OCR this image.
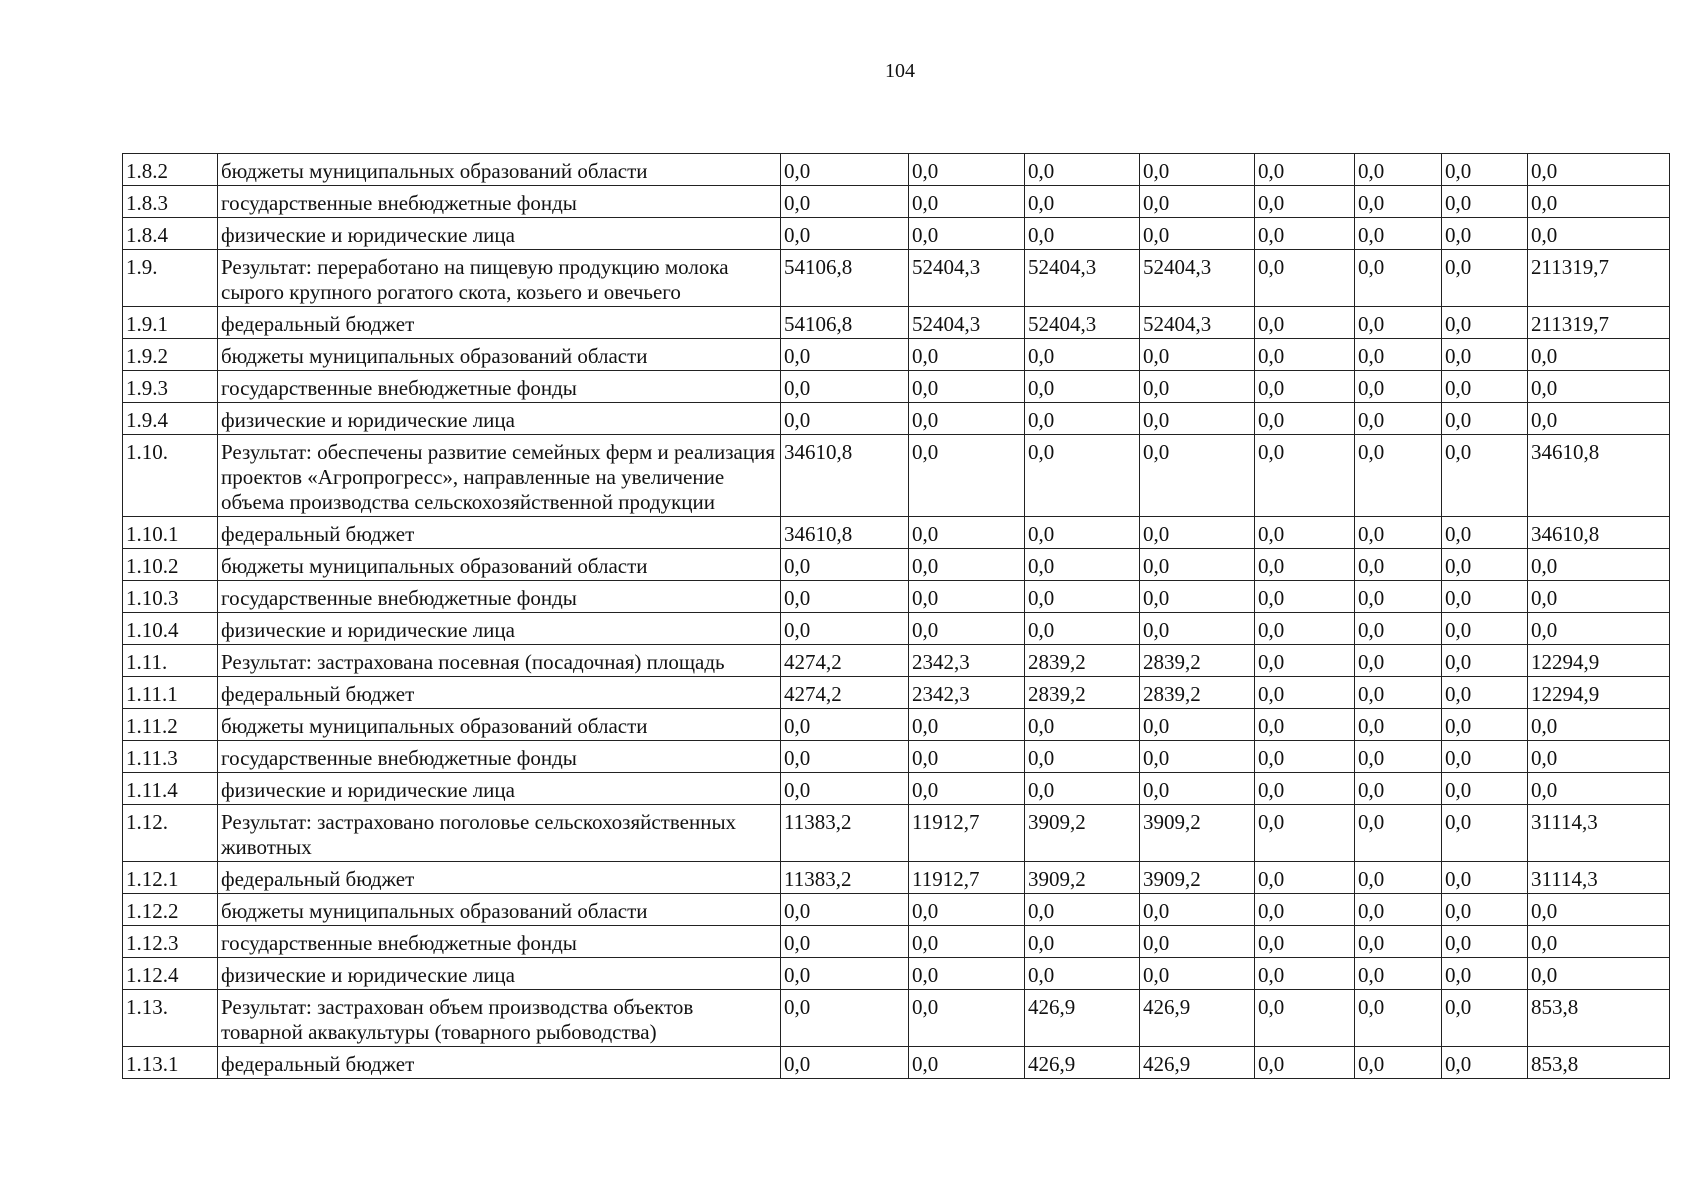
104
1.8.2	бюджеты муниципальных образований области	0,0	0,0	0,0	0,0	0,0	0,0	0,0	0,0
1.8.3	государственные внебюджетные фонды	0,0	0,0	0,0	0,0	0,0	0,0	0,0	0,0
1.8.4	физические и юридические лица	0,0	0,0	0,0	0,0	0,0	0,0	0,0	0,0
1.9.	Результат: переработано на пищевую продукцию молока сырого крупного рогатого скота, козьего и овечьего	54106,8	52404,3	52404,3	52404,3	0,0	0,0	0,0	211319,7
1.9.1	федеральный бюджет	54106,8	52404,3	52404,3	52404,3	0,0	0,0	0,0	211319,7
1.9.2	бюджеты муниципальных образований области	0,0	0,0	0,0	0,0	0,0	0,0	0,0	0,0
1.9.3	государственные внебюджетные фонды	0,0	0,0	0,0	0,0	0,0	0,0	0,0	0,0
1.9.4	физические и юридические лица	0,0	0,0	0,0	0,0	0,0	0,0	0,0	0,0
1.10.	Результат: обеспечены развитие семейных ферм и реализация проектов «Агропрогресс», направленные на увеличение объема производства сельскохозяйственной продукции	34610,8	0,0	0,0	0,0	0,0	0,0	0,0	34610,8
1.10.1	федеральный бюджет	34610,8	0,0	0,0	0,0	0,0	0,0	0,0	34610,8
1.10.2	бюджеты муниципальных образований области	0,0	0,0	0,0	0,0	0,0	0,0	0,0	0,0
1.10.3	государственные внебюджетные фонды	0,0	0,0	0,0	0,0	0,0	0,0	0,0	0,0
1.10.4	физические и юридические лица	0,0	0,0	0,0	0,0	0,0	0,0	0,0	0,0
1.11.	Результат: застрахована посевная (посадочная) площадь	4274,2	2342,3	2839,2	2839,2	0,0	0,0	0,0	12294,9
1.11.1	федеральный бюджет	4274,2	2342,3	2839,2	2839,2	0,0	0,0	0,0	12294,9
1.11.2	бюджеты муниципальных образований области	0,0	0,0	0,0	0,0	0,0	0,0	0,0	0,0
1.11.3	государственные внебюджетные фонды	0,0	0,0	0,0	0,0	0,0	0,0	0,0	0,0
1.11.4	физические и юридические лица	0,0	0,0	0,0	0,0	0,0	0,0	0,0	0,0
1.12.	Результат: застраховано поголовье сельскохозяйственных животных	11383,2	11912,7	3909,2	3909,2	0,0	0,0	0,0	31114,3
1.12.1	федеральный бюджет	11383,2	11912,7	3909,2	3909,2	0,0	0,0	0,0	31114,3
1.12.2	бюджеты муниципальных образований области	0,0	0,0	0,0	0,0	0,0	0,0	0,0	0,0
1.12.3	государственные внебюджетные фонды	0,0	0,0	0,0	0,0	0,0	0,0	0,0	0,0
1.12.4	физические и юридические лица	0,0	0,0	0,0	0,0	0,0	0,0	0,0	0,0
1.13.	Результат: застрахован объем производства объектов товарной аквакультуры (товарного рыбоводства)	0,0	0,0	426,9	426,9	0,0	0,0	0,0	853,8
1.13.1	федеральный бюджет	0,0	0,0	426,9	426,9	0,0	0,0	0,0	853,8
